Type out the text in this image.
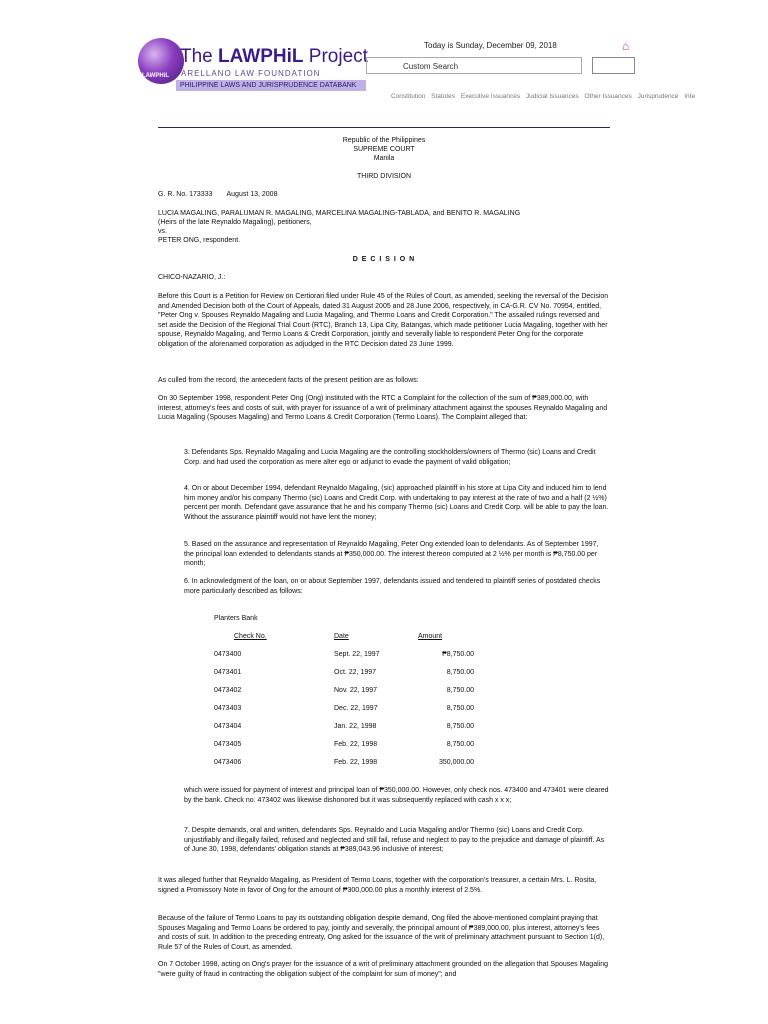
LAWPHiL
The LAWPHiL Project
ARELLANO LAW FOUNDATION
PHILIPPINE LAWS AND JURISPRUDENCE DATABANK
Today is Sunday, December 09, 2018	⌂
Custom Search
Constitution Statutes Executive Issuances Judicial Issuances Other Issuances Jurisprudence Inte
Republic of the Philippines
SUPREME COURT
Manila
THIRD DIVISION
G. R. No. 173333 August 13, 2008
LUCIA MAGALING, PARALUMAN R. MAGALING, MARCELINA MAGALING-TABLADA, and BENITO R. MAGALING
(Heirs of the late Reynaldo Magaling), petitioners,
vs.
PETER ONG, respondent.
D E C I S I O N
CHICO-NAZARIO, J.:
Before this Court is a Petition for Review on Certiorari filed under Rule 45 of the Rules of Court, as amended, seeking the reversal of the Decision and Amended Decision both of the Court of Appeals, dated 31 August 2005 and 28 June 2006, respectively, in CA-G.R. CV No. 70954, entitled, "Peter Ong v. Spouses Reynaldo Magaling and Lucia Magaling, and Thermo Loans and Credit Corporation." The assailed rulings reversed and set aside the Decision of the Regional Trial Court (RTC), Branch 13, Lipa City, Batangas, which made petitioner Lucia Magaling, together with her spouse, Reynaldo Magaling, and Termo Loans & Credit Corporation, jointly and severally liable to respondent Peter Ong for the corporate obligation of the aforenamed corporation as adjudged in the RTC Decision dated 23 June 1999.
As culled from the record, the antecedent facts of the present petition are as follows:
On 30 September 1998, respondent Peter Ong (Ong) instituted with the RTC a Complaint for the collection of the sum of ₱389,000.00, with interest, attorney's fees and costs of suit, with prayer for issuance of a writ of preliminary attachment against the spouses Reynaldo Magaling and Lucia Magaling (Spouses Magaling) and Termo Loans & Credit Corporation (Termo Loans). The Complaint alleged that:
3. Defendants Sps. Reynaldo Magaling and Lucia Magaling are the controlling stockholders/owners of Thermo (sic) Loans and Credit Corp. and had used the corporation as mere alter ego or adjunct to evade the payment of valid obligation;
4. On or about December 1994, defendant Reynaldo Magaling, (sic) approached plaintiff in his store at Lipa City and induced him to lend him money and/or his company Thermo (sic) Loans and Credit Corp. with undertaking to pay interest at the rate of two and a half (2 ½%) percent per month. Defendant gave assurance that he and his company Thermo (sic) Loans and Credit Corp. will be able to pay the loan. Without the assurance plaintiff would not have lent the money;
5. Based on the assurance and representation of Reynaldo Magaling, Peter Ong extended loan to defendants. As of September 1997, the principal loan extended to defendants stands at ₱350,000.00. The interest thereon computed at 2 ½% per month is ₱8,750.00 per month;
6. In acknowledgment of the loan, on or about September 1997, defendants issued and tendered to plaintiff series of postdated checks more particularly described as follows:
Planters Bank
Check No.	Date	Amount
0473400	Sept. 22, 1997	₱8,750.00
0473401	Oct. 22, 1997	8,750.00
0473402	Nov. 22, 1997	8,750.00
0473403	Dec. 22, 1997	8,750.00
0473404	Jan. 22, 1998	8,750.00
0473405	Feb. 22, 1998	8,750.00
0473406	Feb. 22, 1998	350,000.00
which were issued for payment of interest and principal loan of ₱350,000.00. However, only check nos. 473400 and 473401 were cleared by the bank. Check no. 473402 was likewise dishonored but it was subsequently replaced with cash x x x;
7. Despite demands, oral and written, defendants Sps. Reynaldo and Lucia Magaling and/or Thermo (sic) Loans and Credit Corp. unjustifiably and illegally failed, refused and neglected and still fail, refuse and neglect to pay to the prejudice and damage of plaintiff. As of June 30, 1998, defendants' obligation stands at ₱389,043.96 inclusive of interest;
It was alleged further that Reynaldo Magaling, as President of Termo Loans, together with the corporation's treasurer, a certain Mrs. L. Rosita, signed a Promissory Note in favor of Ong for the amount of ₱300,000.00 plus a monthly interest of 2.5%.
Because of the failure of Termo Loans to pay its outstanding obligation despite demand, Ong filed the above-mentioned complaint praying that Spouses Magaling and Termo Loans be ordered to pay, jointly and severally, the principal amount of ₱389,000.00, plus interest, attorney's fees and costs of suit. In addition to the preceding entreaty, Ong asked for the issuance of the writ of preliminary attachment pursuant to Section 1(d), Rule 57 of the Rules of Court, as amended.
On 7 October 1998, acting on Ong's prayer for the issuance of a writ of preliminary attachment grounded on the allegation that Spouses Magaling "were guilty of fraud in contracting the obligation subject of the complaint for sum of money"; and
